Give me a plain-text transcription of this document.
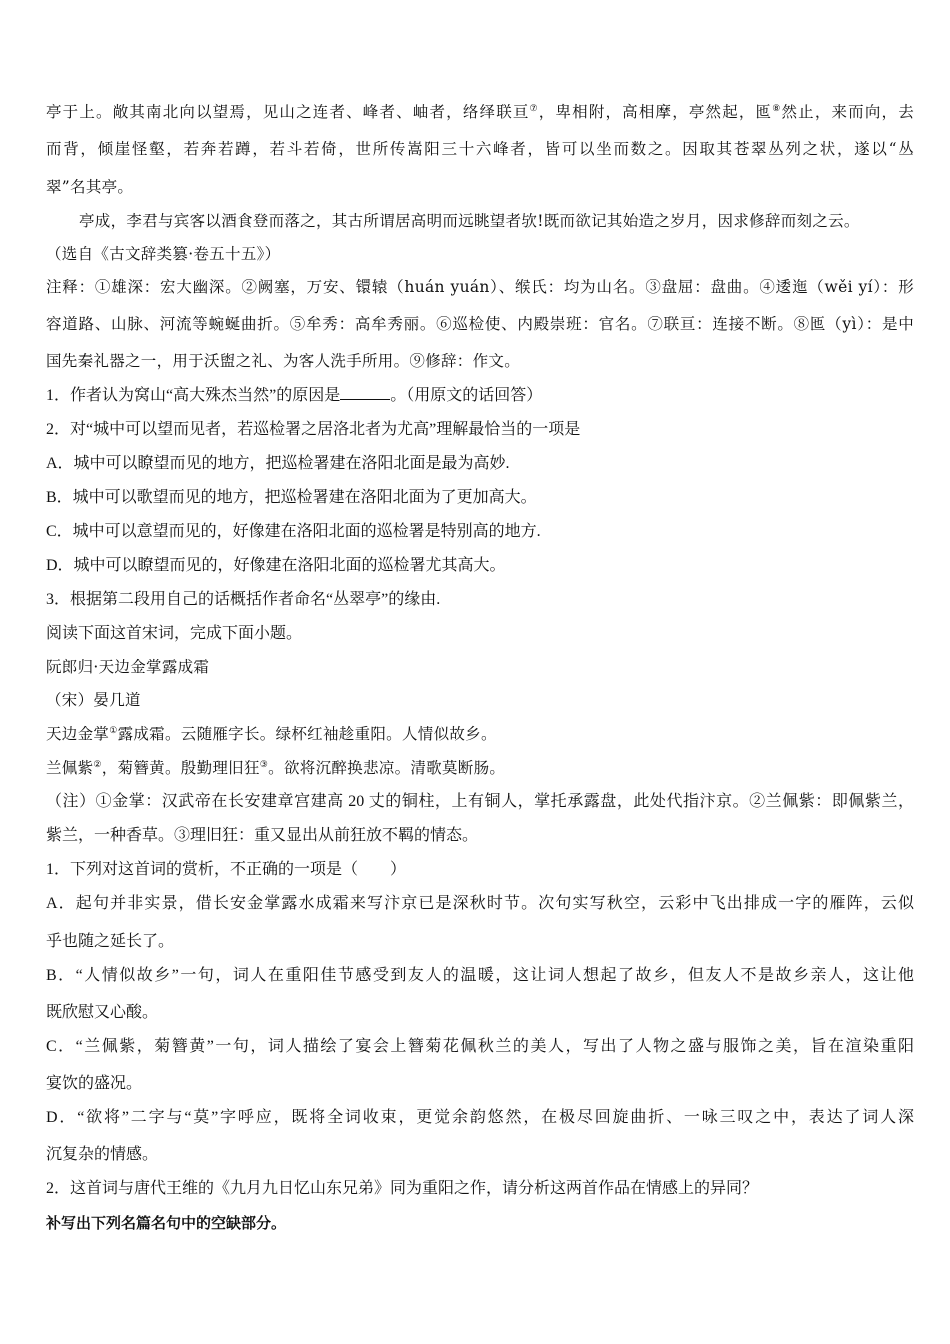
亭于上。敞其南北向以望焉，见山之连者、峰者、岫者，络绎联亘⑦，卑相附，高相摩，亭然起，匜⑧然止，来而向，去
而背，倾崖怪壑，若奔若蹲，若斗若倚，世所传嵩阳三十六峰者，皆可以坐而数之。因取其苍翠丛列之状，遂以“丛
翠”名其亭。
亭成，李君与宾客以酒食登而落之，其古所谓居高明而远眺望者欤!既而欲记其始造之岁月，因求修辞而刻之云。
（选自《古文辞类篡·卷五十五》）
注释：①雄深：宏大幽深。②阙塞，万安、镮辕（huán yuán）、缑氏：均为山名。③盘屈：盘曲。④逶迤（wěi yí）：形
容道路、山脉、河流等蜿蜒曲折。⑤牟秀：高牟秀丽。⑥巡检使、内殿崇班：官名。⑦联亘：连接不断。⑧匜（yì）：是中
国先秦礼器之一，用于沃盥之礼、为客人洗手所用。⑨修辞：作文。
1．作者认为窝山“高大殊杰当然”的原因是	。（用原文的话回答）
2．对“城中可以望而见者，若巡检署之居洛北者为尤高”理解最恰当的一项是
A．城中可以瞭望而见的地方，把巡检署建在洛阳北面是最为高妙.
B．城中可以歌望而见的地方，把巡检署建在洛阳北面为了更加高大。
C．城中可以意望而见的，好像建在洛阳北面的巡检署是特别高的地方.
D．城中可以瞭望而见的，好像建在洛阳北面的巡检署尤其高大。
3．根据第二段用自己的话概括作者命名“丛翠亭”的缘由.
阅读下面这首宋词，完成下面小题。
阮郎归·天边金掌露成霜
（宋）晏几道
天边金掌①露成霜。云随雁字长。绿杯红袖趁重阳。人情似故乡。
兰佩紫②，菊簪黄。殷勤理旧狂③。欲将沉醉换悲凉。清歌莫断肠。
（注）①金掌：汉武帝在长安建章宫建高 20 丈的铜柱，上有铜人，掌托承露盘，此处代指汴京。②兰佩紫：即佩紫兰，
紫兰，一种香草。③理旧狂：重又显出从前狂放不羁的情态。
1．下列对这首词的赏析，不正确的一项是（　　）
A．起句并非实景，借长安金掌露水成霜来写汴京已是深秋时节。次句实写秋空，云彩中飞出排成一字的雁阵，云似
乎也随之延长了。
B．“人情似故乡”一句，词人在重阳佳节感受到友人的温暖，这让词人想起了故乡，但友人不是故乡亲人，这让他
既欣慰又心酸。
C．“兰佩紫，菊簪黄”一句，词人描绘了宴会上簪菊花佩秋兰的美人，写出了人物之盛与服饰之美，旨在渲染重阳
宴饮的盛况。
D．“欲将”二字与“莫”字呼应，既将全词收束，更觉余韵悠然，在极尽回旋曲折、一咏三叹之中，表达了词人深
沉复杂的情感。
2．这首词与唐代王维的《九月九日忆山东兄弟》同为重阳之作，请分析这两首作品在情感上的异同？
补写出下列名篇名句中的空缺部分。
